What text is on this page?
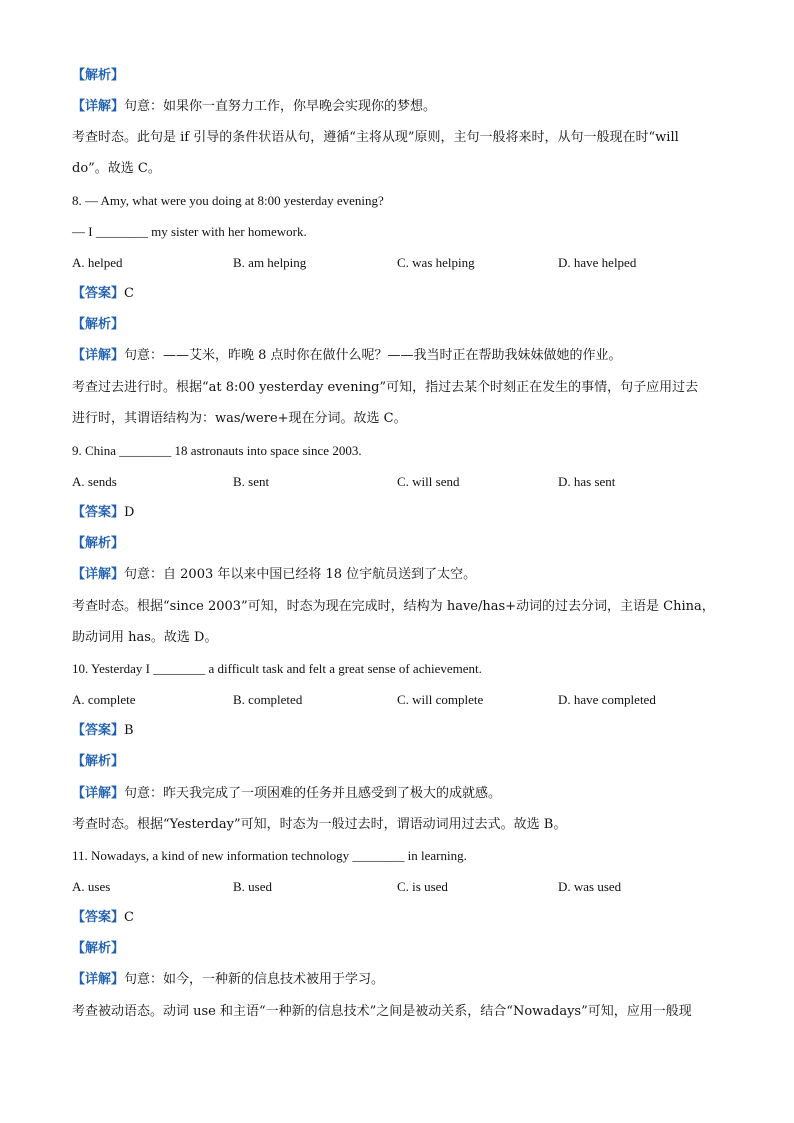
【解析】
【详解】句意：如果你一直努力工作，你早晚会实现你的梦想。
考查时态。此句是 if 引导的条件状语从句，遵循“主将从现”原则，主句一般将来时，从句一般现在时“will
do”。故选 C。
8. — Amy, what were you doing at 8:00 yesterday evening?
— I ________ my sister with her homework.
A. helped	B. am helping	C. was helping	D. have helped
【答案】C
【解析】
【详解】句意：——艾米，昨晚 8 点时你在做什么呢？——我当时正在帮助我妹妹做她的作业。
考查过去进行时。根据“at 8:00 yesterday evening”可知，指过去某个时刻正在发生的事情，句子应用过去
进行时，其谓语结构为：was/were+现在分词。故选 C。
9. China ________ 18 astronauts into space since 2003.
A. sends	B. sent	C. will send	D. has sent
【答案】D
【解析】
【详解】句意：自 2003 年以来中国已经将 18 位宇航员送到了太空。
考查时态。根据“since 2003”可知，时态为现在完成时，结构为 have/has+动词的过去分词，主语是 China，
助动词用 has。故选 D。
10. Yesterday I ________ a difficult task and felt a great sense of achievement.
A. complete	B. completed	C. will complete	D. have completed
【答案】B
【解析】
【详解】句意：昨天我完成了一项困难的任务并且感受到了极大的成就感。
考查时态。根据“Yesterday”可知，时态为一般过去时，谓语动词用过去式。故选 B。
11. Nowadays, a kind of new information technology ________ in learning.
A. uses	B. used	C. is used	D. was used
【答案】C
【解析】
【详解】句意：如今，一种新的信息技术被用于学习。
考查被动语态。动词 use 和主语“一种新的信息技术”之间是被动关系，结合“Nowadays”可知，应用一般现
